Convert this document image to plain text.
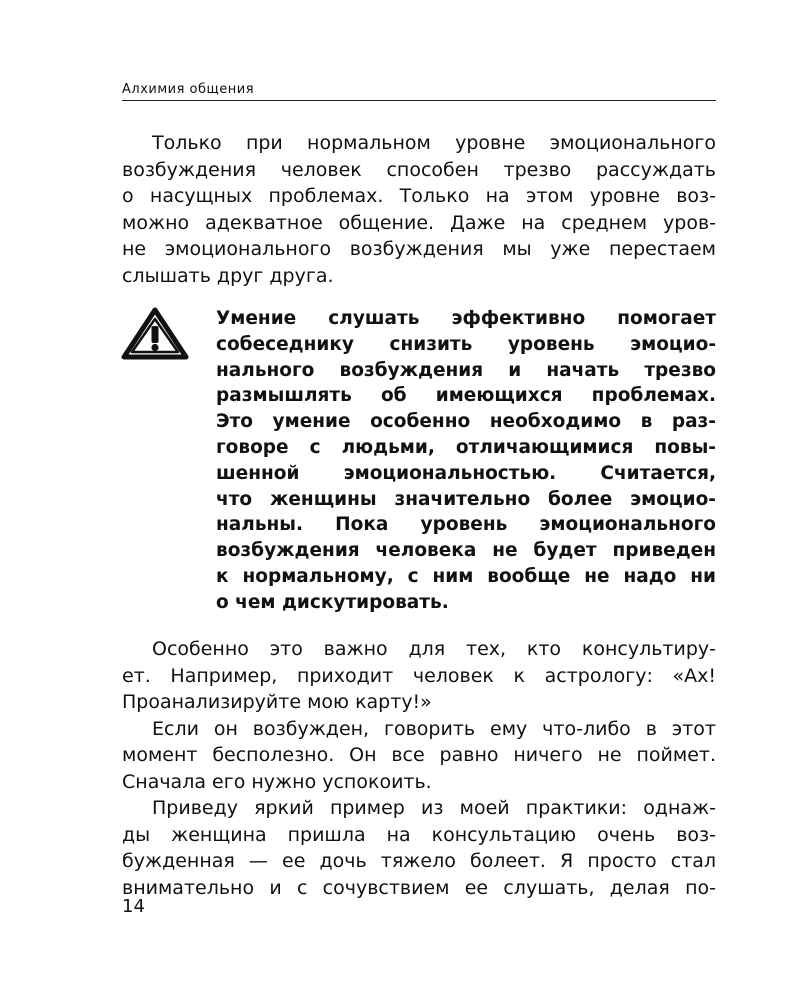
Алхимия общения
Только при нормальном уровне эмоционального
возбуждения человек способен трезво рассуждать
о насущных проблемах. Только на этом уровне воз-
можно адекватное общение. Даже на среднем уров-
не эмоционального возбуждения мы уже перестаем
слышать друг друга.
Умение слушать эффективно помогает
собеседнику снизить уровень эмоцио-
нального возбуждения и начать трезво
размышлять об имеющихся проблемах.
Это умение особенно необходимо в раз-
говоре с людьми, отличающимися повы-
шенной эмоциональностью. Считается,
что женщины значительно более эмоцио-
нальны. Пока уровень эмоционального
возбуждения человека не будет приведен
к нормальному, с ним вообще не надо ни
о чем дискутировать.
Особенно это важно для тех, кто консультиру-
ет. Например, приходит человек к астрологу: «Ах!
Проанализируйте мою карту!»
Если он возбужден, говорить ему что-либо в этот
момент бесполезно. Он все равно ничего не поймет.
Сначала его нужно успокоить.
Приведу яркий пример из моей практики: однаж-
ды женщина пришла на консультацию очень воз-
бужденная — ее дочь тяжело болеет. Я просто стал
внимательно и с сочувствием ее слушать, делая по-
14
